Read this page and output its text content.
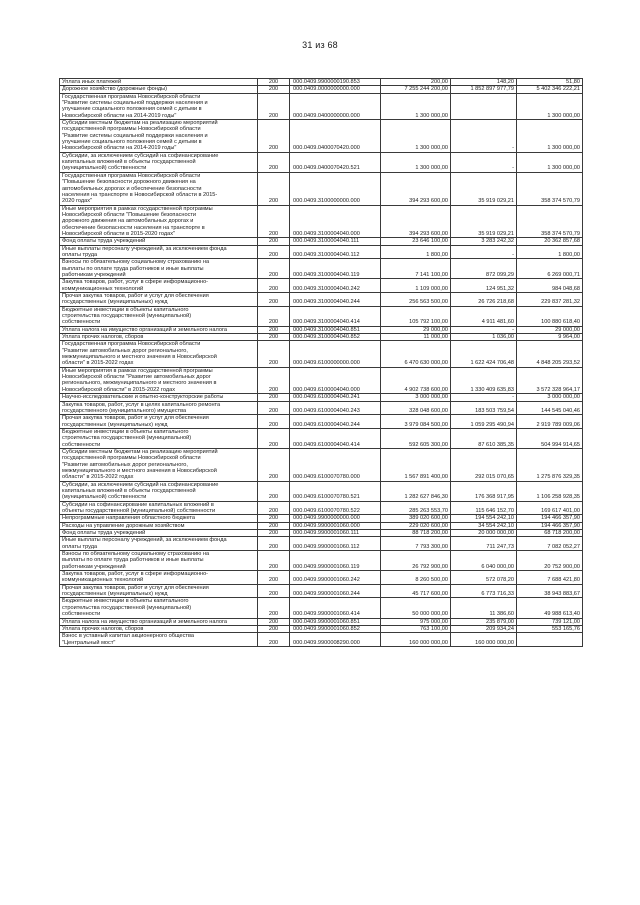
31 из 68
Уплата иных платежей	200	000.0409.9900000190.853	200,00	148,20	51,80

Дорожное хозяйство (дорожные фонды)	200	000.0409.0000000000.000	7 255 244 200,00	1 852 897 977,79	5 402 346 222,21

Государственная программа Новосибирской области
"Развитие системы социальной поддержки населения и
улучшение социального положения семей с детьми в
Новосибирской области на 2014-2019 годы"	200	000.0409.0400000000.000	1 300 000,00		1 300 000,00

Субсидии местным бюджетам на реализацию мероприятий
государственной программы Новосибирской области
"Развитие системы социальной поддержки населения и
улучшение социального положения семей с детьми в
Новосибирской области на 2014-2019 годы"	200	000.0409.0400070420.000	1 300 000,00	-	1 300 000,00

Субсидии, за исключением субсидий на софинансирование
капитальных вложений в объекты государственной
(муниципальной) собственности	200	000.0409.0400070420.521	1 300 000,00	-	1 300 000,00

Государственная программа Новосибирской области
"Повышение безопасности дорожного движения на
автомобильных дорогах и обеспечение безопасности
населения на транспорте в Новосибирской области в 2015-
2020 годах"	200	000.0409.3100000000.000	394 293 600,00	35 919 029,21	358 374 570,79

Иные мероприятия в рамках государственной программы
Новосибирской области "Повышение безопасности
дорожного движения на автомобильных дорогах и
обеспечение безопасности населения на транспорте в
Новосибирской области в 2015-2020 годах"	200	000.0409.3100004040.000	394 293 600,00	35 919 029,21	358 374 570,79

Фонд оплаты труда учреждений	200	000.0409.3100004040.111	23 646 100,00	3 283 242,32	20 362 857,68

Иные выплаты персоналу учреждений, за исключением фонда
оплаты труда	200	000.0409.3100004040.112	1 800,00	-	1 800,00

Взносы по обязательному социальному страхованию на
выплаты по оплате труда работников и иные выплаты
работникам учреждений	200	000.0409.3100004040.119	7 141 100,00	872 099,29	6 269 000,71

Закупка товаров, работ, услуг в сфере информационно-
коммуникационных технологий	200	000.0409.3100004040.242	1 109 000,00	124 951,32	984 048,68

Прочая закупка товаров, работ и услуг для обеспечения
государственных (муниципальных) нужд	200	000.0409.3100004040.244	256 563 500,00	26 726 218,68	229 837 281,32

Бюджетные инвестиции в объекты капитального
строительства государственной (муниципальной)
собственности	200	000.0409.3100004040.414	105 792 100,00	4 911 481,60	100 880 618,40

Уплата налога на имущество организаций и земельного налога	200	000.0409.3100004040.851	29 000,00	-	29 000,00

Уплата прочих налогов, сборов	200	000.0409.3100004040.852	11 000,00	1 036,00	9 964,00

Государственная программа Новосибирской области
"Развитие автомобильных дорог регионального,
межмуниципального и местного значения в Новосибирской
области" в 2015-2022 годах	200	000.0409.6100000000.000	6 470 630 000,00	1 622 424 706,48	4 848 205 293,52

Иные мероприятия в рамках государственной программы
Новосибирской области "Развитие автомобильных дорог
регионального, межмуниципального и местного значения в
Новосибирской области" в 2015-2022 годах	200	000.0409.6100004040.000	4 902 738 600,00	1 330 409 635,83	3 572 328 964,17

Научно-исследовательские и опытно-конструкторские работы	200	000.0409.6100004040.241	3 000 000,00	-	3 000 000,00

Закупка товаров, работ, услуг в целях капитального ремонта
государственного (муниципального) имущества	200	000.0409.6100004040.243	328 048 600,00	183 503 759,54	144 545 040,46

Прочая закупка товаров, работ и услуг для обеспечения
государственных (муниципальных) нужд	200	000.0409.6100004040.244	3 979 084 500,00	1 059 295 490,94	2 919 789 009,06

Бюджетные инвестиции в объекты капитального
строительства государственной (муниципальной)
собственности	200	000.0409.6100004040.414	592 605 300,00	87 610 385,35	504 994 914,65

Субсидии местным бюджетам на реализацию мероприятий
государственной программы Новосибирской области
"Развитие автомобильных дорог регионального,
межмуниципального и местного значения в Новосибирской
области" в 2015-2022 годах	200	000.0409.6100070780.000	1 567 891 400,00	292 015 070,65	1 275 876 329,35

Субсидии, за исключением субсидий на софинансирование
капитальных вложений в объекты государственной
(муниципальной) собственности	200	000.0409.6100070780.521	1 282 627 846,30	176 368 917,95	1 106 258 928,35

Субсидии на софинансирование капитальных вложений в
объекты государственной (муниципальной) собственности	200	000.0409.6100070780.522	285 263 553,70	115 646 152,70	169 617 401,00

Непрограммные направления областного бюджета	200	000.0409.9900000000.000	389 020 600,00	194 554 242,10	194 466 357,90

Расходы на управление дорожным хозяйством	200	000.0409.9900001060.000	229 020 600,00	34 554 242,10	194 466 357,90

Фонд оплаты труда учреждений	200	000.0409.9900001060.111	88 718 200,00	20 000 000,00	68 718 200,00

Иные выплаты персоналу учреждений, за исключением фонда
оплаты труда	200	000.0409.9900001060.112	7 793 300,00	711 247,73	7 082 052,27

Взносы по обязательному социальному страхованию на
выплаты по оплате труда работников и иные выплаты
работникам учреждений	200	000.0409.9900001060.119	26 792 900,00	6 040 000,00	20 752 900,00

Закупка товаров, работ, услуг в сфере информационно-
коммуникационных технологий	200	000.0409.9900001060.242	8 260 500,00	572 078,20	7 688 421,80

Прочая закупка товаров, работ и услуг для обеспечения
государственных (муниципальных) нужд	200	000.0409.9900001060.244	45 717 600,00	6 773 716,33	38 943 883,67

Бюджетные инвестиции в объекты капитального
строительства государственной (муниципальной)
собственности	200	000.0409.9900001060.414	50 000 000,00	11 386,60	49 988 613,40

Уплата налога на имущество организаций и земельного налога	200	000.0409.9900001060.851	975 000,00	235 879,00	739 121,00

Уплата прочих налогов, сборов	200	000.0409.9900001060.852	763 100,00	209 934,24	553 165,76

Взнос в уставный капитал акционерного общества
"Центральный мост"	200	000.0409.9900008290.000	160 000 000,00	160 000 000,00	
